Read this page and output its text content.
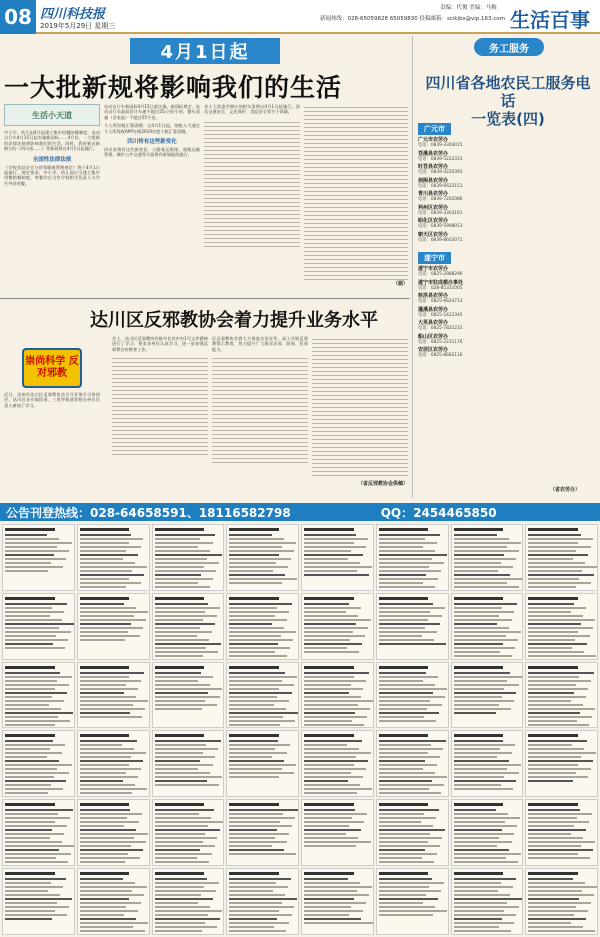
08 四川科技报
2019年5月29日 星期三
责编：代俊 美编：马梅
新闻热线：028-65059828 65059830 投稿邮箱：scikjbs@vip.163.com 生活百事
4月1日起
一大批新规将影响我们的生活
生活小天道

中小学、幼儿园4月起建立集中用餐陪餐制度，电动自行车4月15日起实施新国标……4月份，一大批新的法律法规将影响我们的生活。同时，我省新近新修订的《四川省……》等新规将自4月1日起施行。

全国性法律法规

《学校食品安全与营养健康管理规定》将于4月1日起施行，规定要求，中小学、幼儿园应当建立集中用餐陪餐制度，每餐均应当有学校相关负责人与学生共同用餐。

电动自行车新国标4月15日起实施。新国标规定，电动自行车最高设计车速不超过25公里/小时，整车质量（含电池）不超过55千克。

个人所得税汇算清缴：自4月1日起，纳税人可通过个人所得税APP办理2019年度个税汇算清缴。

四川将有这些新变化

四川省将有这些新变化：公路客运班线、道路运输管理、城市公共交通等方面将有新规陆续施行。

省人大常委会修订的相关条例自4月1日起施行，涉及交通安全、文化保护、食品安全等多个领域。

（据）
达川区反邪教协会着力提升业务水平
崇尚科学 反对邪教

近日，达州市达川区反邪教协会召开业务学习培训会，达川区各乡镇街道、三里坪街道等相关单位负责人参加了学习。

会上，达川区反邪教协会秘书长对中央1号文件精神进行了学习，要求各单位认真学习，进一步加强反邪教宣传教育工作。

区反邪教协会将大力推进法治宣传，深入开展反邪教警示教育，努力提升广大群众识邪、防邪、拒邪能力。

（省反邪教协会供稿）
务工服务
四川省各地农民工服务电话
一览表(四)
广元市
广元市农劳办
电话：0839-3304015
苍溪县农劳办
电话：0839-5222331
旺苍县农劳办
电话：0839-4220393
剑阁县农劳办
电话：0839-6622151
青川县农劳办
电话：0839-7202086
利州区农劳办
电话：0839-3303161
昭化区农劳办
电话：0839-5998053
朝天区农劳办
电话：0839-8602071
遂宁市
遂宁市农劳办
电话：0825-2988296
遂宁市驻成都办事处
电话：028-85321005
射洪县农劳办
电话：0825-6624713
蓬溪县农劳办
电话：0825-5422345
大英县农劳办
电话：0825-7821231
船山区农劳办
电话：0825-2231176
安居区农劳办
电话：0825-8682116
（省农劳办）
公告刊登热线：028-64658591、18116582798	QQ：2454465850
